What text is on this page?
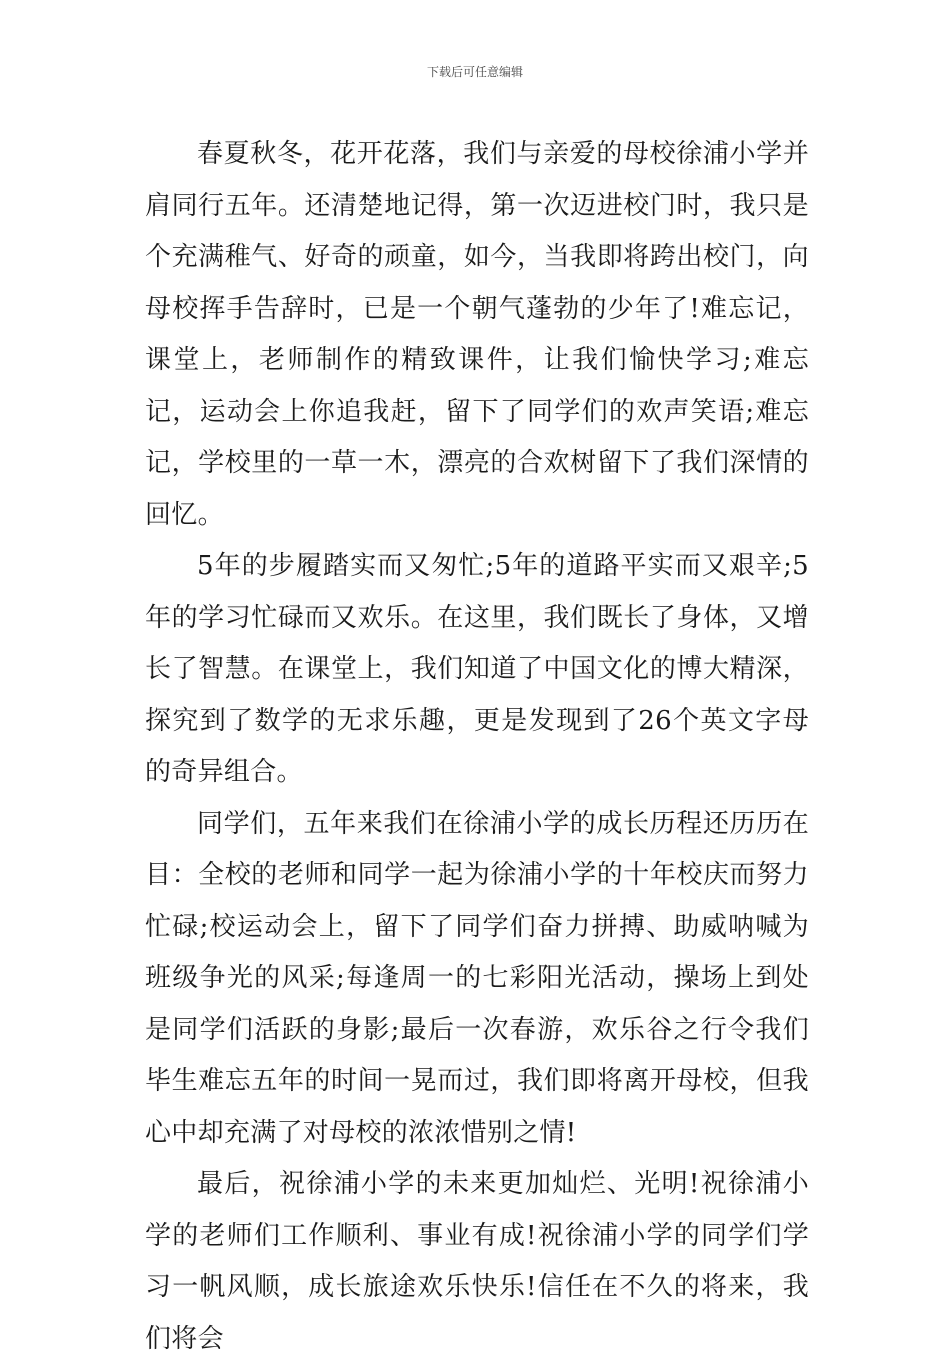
下载后可任意编辑

春夏秋冬，花开花落，我们与亲爱的母校徐浦小学并肩同行五年。还清楚地记得，第一次迈进校门时，我只是个充满稚气、好奇的顽童，如今，当我即将跨出校门，向母校挥手告辞时，已是一个朝气蓬勃的少年了!难忘记，课堂上，老师制作的精致课件，让我们愉快学习;难忘记，运动会上你追我赶，留下了同学们的欢声笑语;难忘记，学校里的一草一木，漂亮的合欢树留下了我们深情的回忆。

5年的步履踏实而又匆忙;5年的道路平实而又艰辛;5年的学习忙碌而又欢乐。在这里，我们既长了身体，又增长了智慧。在课堂上，我们知道了中国文化的博大精深，探究到了数学的无求乐趣，更是发现到了26个英文字母的奇异组合。

同学们，五年来我们在徐浦小学的成长历程还历历在目：全校的老师和同学一起为徐浦小学的十年校庆而努力忙碌;校运动会上，留下了同学们奋力拼搏、助威呐喊为班级争光的风采;每逢周一的七彩阳光活动，操场上到处是同学们活跃的身影;最后一次春游，欢乐谷之行令我们毕生难忘五年的时间一晃而过，我们即将离开母校，但我心中却充满了对母校的浓浓惜别之情!

最后，祝徐浦小学的未来更加灿烂、光明!祝徐浦小学的老师们工作顺利、事业有成!祝徐浦小学的同学们学习一帆风顺，成长旅途欢乐快乐!信任在不久的将来，我们将会
